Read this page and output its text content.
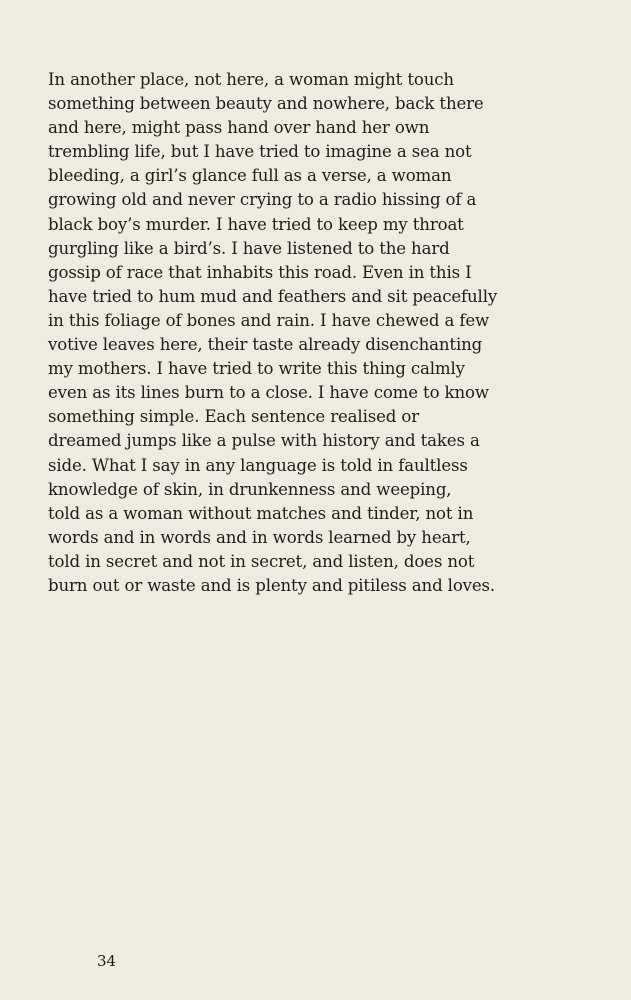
In another place, not here, a woman might touch
something between beauty and nowhere, back there
and here, might pass hand over hand her own
trembling life, but I have tried to imagine a sea not
bleeding, a girl’s glance full as a verse, a woman
growing old and never crying to a radio hissing of a
black boy’s murder. I have tried to keep my throat
gurgling like a bird’s. I have listened to the hard
gossip of race that inhabits this road. Even in this I
have tried to hum mud and feathers and sit peacefully
in this foliage of bones and rain. I have chewed a few
votive leaves here, their taste already disenchanting
my mothers. I have tried to write this thing calmly
even as its lines burn to a close. I have come to know
something simple. Each sentence realised or
dreamed jumps like a pulse with history and takes a
side. What I say in any language is told in faultless
knowledge of skin, in drunkenness and weeping,
told as a woman without matches and tinder, not in
words and in words and in words learned by heart,
told in secret and not in secret, and listen, does not
burn out or waste and is plenty and pitiless and loves.
34
